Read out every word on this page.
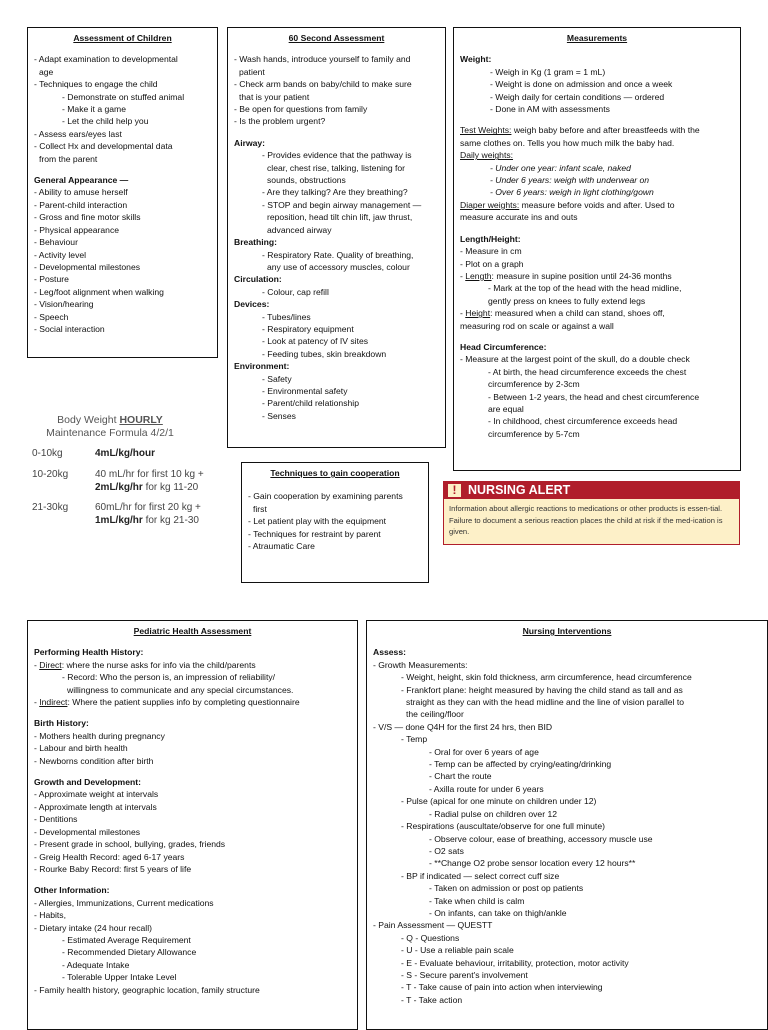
Assessment of Children
- Adapt examination to developmental
age
- Techniques to engage the child
- Demonstrate on stuffed animal
- Make it a game
- Let the child help you
- Assess ears/eyes last
- Collect Hx and developmental data
from the parent
General Appearance —
- Ability to amuse herself
- Parent-child interaction
- Gross and fine motor skills
- Physical appearance
- Behaviour
- Activity level
- Developmental milestones
- Posture
- Leg/foot alignment when walking
- Vision/hearing
- Speech
- Social interaction
60 Second Assessment
- Wash hands, introduce yourself to family and
patient
- Check arm bands on baby/child to make sure
that is your patient
- Be open for questions from family
- Is the problem urgent?
Airway:
- Provides evidence that the pathway is
clear, chest rise, talking, listening for
sounds, obstructions
- Are they talking? Are they breathing?
- STOP and begin airway management —
reposition, head tilt chin lift, jaw thrust,
advanced airway
Breathing:
- Respiratory Rate. Quality of breathing,
any use of accessory muscles, colour
Circulation:
- Colour, cap refill
Devices:
- Tubes/lines
- Respiratory equipment
- Look at patency of IV sites
- Feeding tubes, skin breakdown
Environment:
- Safety
- Environmental safety
- Parent/child relationship
- Senses
Measurements
Weight:
- Weigh in Kg (1 gram = 1 mL)
- Weight is done on admission and once a week
- Weigh daily for certain conditions — ordered
- Done in AM with assessments
Test Weights: weigh baby before and after breastfeeds with the
same clothes on. Tells you how much milk the baby had.
Daily weights:
- Under one year: infant scale, naked
- Under 6 years: weigh with underwear on
- Over 6 years: weigh in light clothing/gown
Diaper weights: measure before voids and after. Used to
measure accurate ins and outs
Length/Height:
- Measure in cm
- Plot on a graph
- Length: measure in supine position until 24-36 months
- Mark at the top of the head with the head midline,
gently press on knees to fully extend legs
- Height: measured when a child can stand, shoes off,
measuring rod on scale or against a wall
Head Circumference:
- Measure at the largest point of the skull, do a double check
- At birth, the head circumference exceeds the chest
circumference by 2-3cm
- Between 1-2 years, the head and chest circumference
are equal
- In childhood, chest circumference exceeds head
circumference by 5-7cm
Body Weight HOURLY
Maintenance Formula 4/2/1
0-10kg	4mL/kg/hour
10-20kg	40 mL/hr for first 10 kg +
2mL/kg/hr for kg 11-20
21-30kg	60mL/hr for first 20 kg +
1mL/kg/hr for kg 21-30
Techniques to gain cooperation
- Gain cooperation by examining parents
first
- Let patient play with the equipment
- Techniques for restraint by parent
- Atraumatic Care
! NURSING ALERT
Information about allergic reactions to medications or other products is essen-tial. Failure to document a serious reaction places the child at risk if the med-ication is given.
Pediatric Health Assessment
Performing Health History:
- Direct: where the nurse asks for info via the child/parents
- Record: Who the person is, an impression of reliability/
willingness to communicate and any special circumstances.
- Indirect: Where the patient supplies info by completing questionnaire
Birth History:
- Mothers health during pregnancy
- Labour and birth health
- Newborns condition after birth
Growth and Development:
- Approximate weight at intervals
- Approximate length at intervals
- Dentitions
- Developmental milestones
- Present grade in school, bullying, grades, friends
- Greig Health Record: aged 6-17 years
- Rourke Baby Record: first 5 years of life
Other Information:
- Allergies, Immunizations, Current medications
- Habits,
- Dietary intake (24 hour recall)
- Estimated Average Requirement
- Recommended Dietary Allowance
- Adequate Intake
- Tolerable Upper Intake Level
- Family health history, geographic location, family structure
Nursing Interventions
Assess:
- Growth Measurements:
- Weight, height, skin fold thickness, arm circumference, head circumference
- Frankfort plane: height measured by having the child stand as tall and as
straight as they can with the head midline and the line of vision parallel to
the ceiling/floor
- V/S — done Q4H for the first 24 hrs, then BID
- Temp
- Oral for over 6 years of age
- Temp can be affected by crying/eating/drinking
- Chart the route
- Axilla route for under 6 years
- Pulse (apical for one minute on children under 12)
- Radial pulse on children over 12
- Respirations (auscultate/observe for one full minute)
- Observe colour, ease of breathing, accessory muscle use
- O2 sats
- **Change O2 probe sensor location every 12 hours**
- BP if indicated — select correct cuff size
- Taken on admission or post op patients
- Take when child is calm
- On infants, can take on thigh/ankle
- Pain Assessment — QUESTT
- Q - Questions
- U - Use a reliable pain scale
- E - Evaluate behaviour, irritability, protection, motor activity
- S - Secure parent's involvement
- T - Take cause of pain into action when interviewing
- T - Take action
